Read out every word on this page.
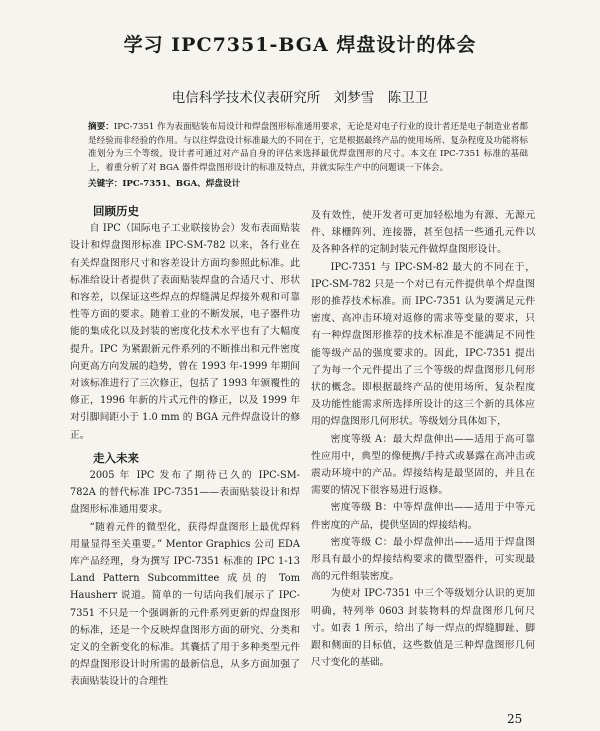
学习 IPC7351-BGA 焊盘设计的体会
电信科学技术仪表研究所　刘梦雪　陈卫卫
摘要：IPC-7351 作为表面贴装布局设计和焊盘图形标准通用要求，无论是对电子行业的设计者还是电子制造业者都是经验而非经验的作用。与以往焊盘设计标准最大的不同在于，它是根据最终产品的使用场所、复杂程度及功能将标准划分为三个等级，设计者可通过对产品自身的评估来选择最优焊盘图形的尺寸。本文在 IPC-7351 标准的基础上，着重分析了对 BGA 器件焊盘图形设计的标准及特点，并就实际生产中的问题谈一下体会。
关键字：IPC-7351、BGA、焊盘设计

回顾历史

自 IPC（国际电子工业联接协会）发布表面贴装设计和焊盘图形标准 IPC-SM-782 以来，各行业在有关焊盘图形尺寸和容差设计方面均参照此标准。此标准给设计者提供了表面贴装焊盘的合适尺寸、形状和容差，以保证这些焊点的焊缝满足焊接外观和可靠性等方面的要求。随着工业的不断发展，电子器件功能的集成化以及封装的密度化技术水平也有了大幅度提升。IPC 为紧跟新元件系列的不断推出和元件密度向更高方向发展的趋势，曾在 1993 年-1999 年期间对该标准进行了三次修正，包括了 1993 年颁覆性的修正，1996 年新的片式元件的修正，以及 1999 年对引脚间距小于 1.0 mm 的 BGA 元件焊盘设计的修正。

走入未来

2005 年 IPC 发布了期待已久的 IPC-SM-782A 的替代标准 IPC-7351——表面贴装设计和焊盘图形标准通用要求。

“随着元件的微型化，获得焊盘图形上最优焊料用量显得至关重要。” Mentor Graphics 公司 EDA 库产品经理，身为撰写 IPC-7351 标准的 IPC 1-13 Land Pattern Subcommittee 成员的 Tom Hausherr 说道。简单的一句话向我们展示了 IPC-7351 不只是一个强调新的元件系列更新的焊盘图形的标准，还是一个反映焊盘图形方面的研究、分类和定义的全新变化的标准。其囊括了用于多种类型元件的焊盘图形设计时所需的最新信息，从多方面加强了表面贴装设计的合理性

及有效性，使开发者可更加轻松地为有源、无源元件、球栅阵列、连接器，甚至包括一些通孔元件以及各种各样的定制封装元件做焊盘图形设计。

IPC-7351 与 IPC-SM-82 最大的不同在于，IPC-SM-782 只是一个对已有元件提供单个焊盘图形的推荐技术标准。而 IPC-7351 认为要满足元件密度、高冲击环境对返修的需求等变量的要求，只有一种焊盘图形推荐的技术标准是不能满足不同性能等级产品的强度要求的。因此，IPC-7351 提出了为每一个元件提出了三个等级的焊盘图形几何形状的概念。即根据最终产品的使用场所、复杂程度及功能性能需求所选择所设计的这三个新的具体应用的焊盘图形几何形状。等级划分具体如下，

密度等级 A：最大焊盘伸出——适用于高可靠性应用中，典型的像便携/手持式或暴露在高冲击或震动环境中的产品。焊接结构是最坚固的，并且在需要的情况下很容易进行返修。

密度等级 B：中等焊盘伸出——适用于中等元件密度的产品，提供坚固的焊接结构。

密度等级 C：最小焊盘伸出——适用于焊盘图形具有最小的焊接结构要求的微型器件，可实现最高的元件组装密度。

为使对 IPC-7351 中三个等级划分认识的更加明确，特列举 0603 封装物料的焊盘图形几何尺寸。如表 1 所示，给出了每一焊点的焊缝脚趾、脚跟和侧面的目标值，这些数值是三种焊盘图形几何尺寸变化的基础。

25
